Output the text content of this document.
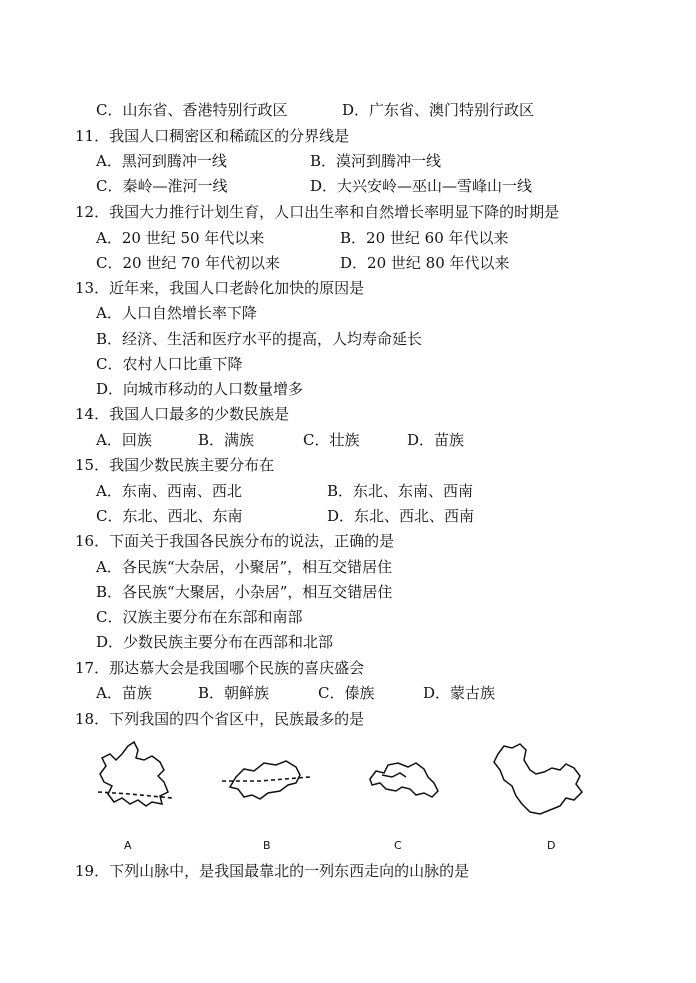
C．山东省、香港特别行政区	D．广东省、澳门特别行政区
11．我国人口稠密区和稀疏区的分界线是
A．黑河到腾冲一线	B．漠河到腾冲一线
C．秦岭—淮河一线	D．大兴安岭—巫山—雪峰山一线
12．我国大力推行计划生育，人口出生率和自然增长率明显下降的时期是
A．20 世纪 50 年代以来	B．20 世纪 60 年代以来
C．20 世纪 70 年代初以来	D．20 世纪 80 年代以来
13．近年来，我国人口老龄化加快的原因是
A．人口自然增长率下降
B．经济、生活和医疗水平的提高，人均寿命延长
C．农村人口比重下降
D．向城市移动的人口数量增多
14．我国人口最多的少数民族是
A．回族	B．满族	C．壮族	D．苗族
15．我国少数民族主要分布在
A．东南、西南、西北	B．东北、东南、西南
C．东北、西北、东南	D．东北、西北、西南
16．下面关于我国各民族分布的说法，正确的是
A．各民族“大杂居，小聚居”，相互交错居住
B．各民族“大聚居，小杂居”，相互交错居住
C．汉族主要分布在东部和南部
D．少数民族主要分布在西部和北部
17．那达慕大会是我国哪个民族的喜庆盛会
A．苗族	B．朝鲜族	C．傣族	D．蒙古族
18．下列我国的四个省区中，民族最多的是
A	B	C	D
19．下列山脉中，是我国最靠北的一列东西走向的山脉的是
